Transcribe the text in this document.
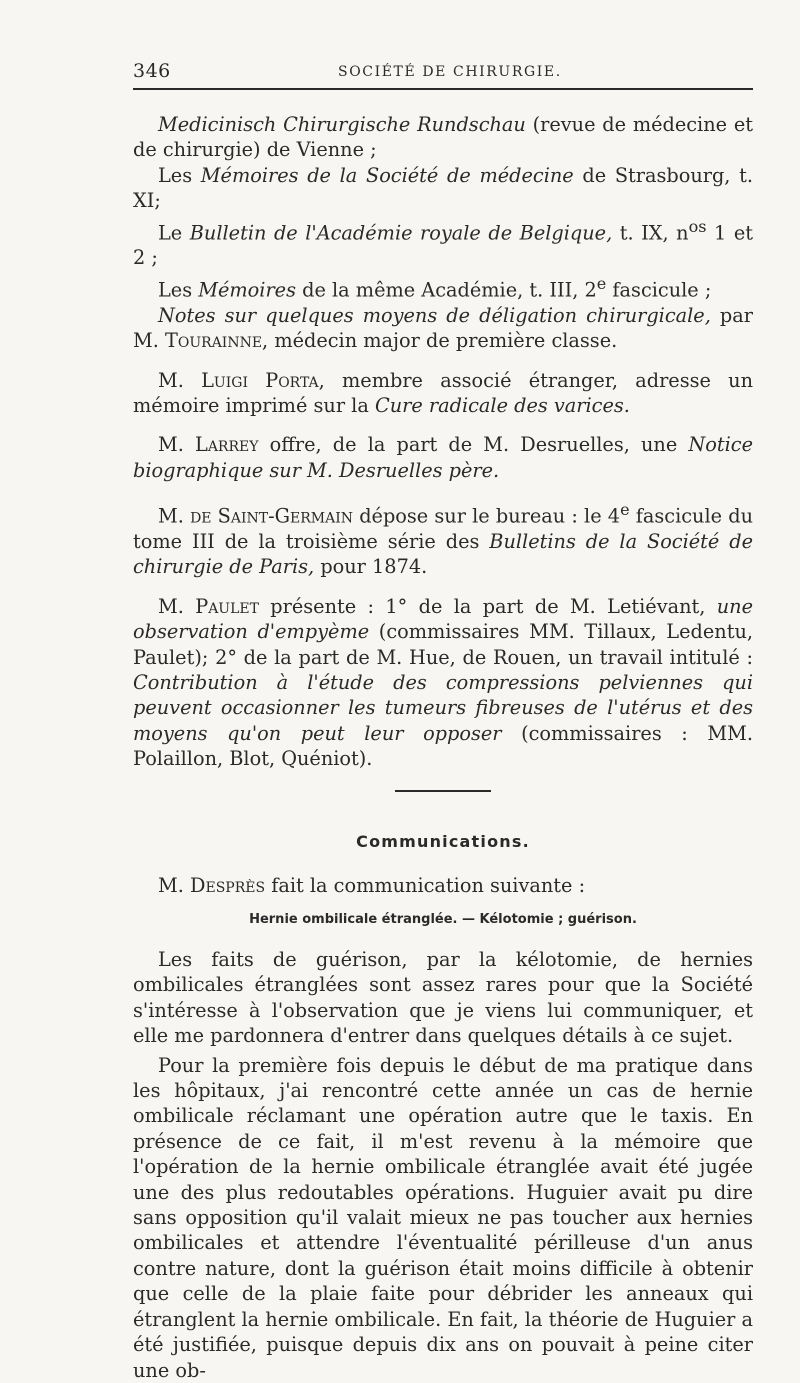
346	SOCIÉTÉ DE CHIRURGIE.

Medicinisch Chirurgische Rundschau (revue de médecine et de chirurgie) de Vienne ;

Les Mémoires de la Société de médecine de Strasbourg, t. XI;

Le Bulletin de l'Académie royale de Belgique, t. IX, $n^{os}$ 1 et 2 ;

Les Mémoires de la même Académie, t. III, 2e fascicule ;

Notes sur quelques moyens de déligation chirurgicale, par M. Tourainne, médecin major de première classe.

M. Luigi Porta, membre associé étranger, adresse un mémoire imprimé sur la Cure radicale des varices.

M. Larrey offre, de la part de M. Desruelles, une Notice biographique sur M. Desruelles père.

M. de Saint-Germain dépose sur le bureau : le 4e fascicule du tome III de la troisième série des Bulletins de la Société de chirurgie de Paris, pour 1874.

M. Paulet présente : 1° de la part de M. Letiévant, une observation d'empyème (commissaires MM. Tillaux, Ledentu, Paulet); 2° de la part de M. Hue, de Rouen, un travail intitulé : Contribution à l'étude des compressions pelviennes qui peuvent occasionner les tumeurs fibreuses de l'utérus et des moyens qu'on peut leur opposer (commissaires : MM. Polaillon, Blot, Quéniot).

Communications.

M. Desprès fait la communication suivante :

Hernie ombilicale étranglée. — Kélotomie ; guérison.

Les faits de guérison, par la kélotomie, de hernies ombilicales étranglées sont assez rares pour que la Société s'intéresse à l'observation que je viens lui communiquer, et elle me pardonnera d'entrer dans quelques détails à ce sujet.

Pour la première fois depuis le début de ma pratique dans les hôpitaux, j'ai rencontré cette année un cas de hernie ombilicale réclamant une opération autre que le taxis. En présence de ce fait, il m'est revenu à la mémoire que l'opération de la hernie ombilicale étranglée avait été jugée une des plus redoutables opérations. Huguier avait pu dire sans opposition qu'il valait mieux ne pas toucher aux hernies ombilicales et attendre l'éventualité périlleuse d'un anus contre nature, dont la guérison était moins difficile à obtenir que celle de la plaie faite pour débrider les anneaux qui étranglent la hernie ombilicale. En fait, la théorie de Huguier a été justifiée, puisque depuis dix ans on pouvait à peine citer une ob-
